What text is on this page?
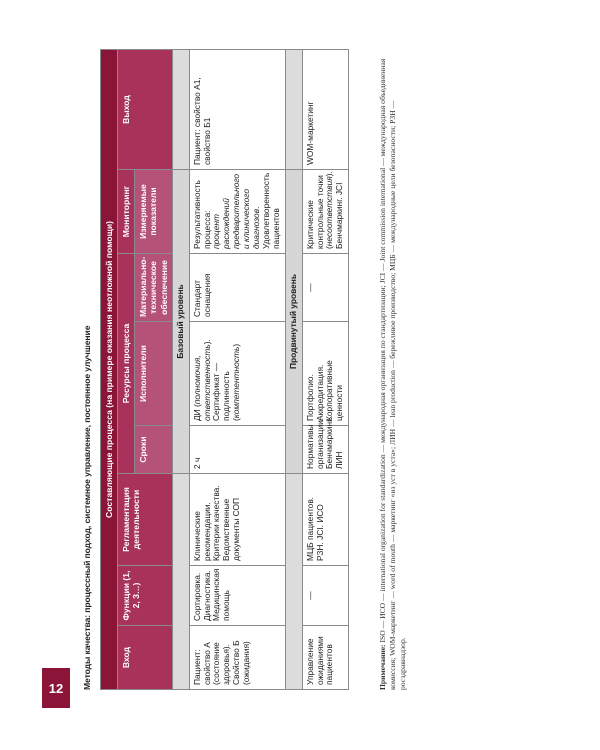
12	Методы качества: процессный подход, системное управление, постоянное улучшение	Составляющие процесса (на примере оказания неотложной помощи)							
Вход	Функции (1, 2, 3…)	Регламентация деятельности	Ресурсы процесса			Мониторинг	Выход
			Сроки	Исполнители	Материально-техническое обеспечение	Измеряемые показатели	
			Базовый уровень				
Пациент: свойство А (состояние здоровья). Свойство Б (ожидания)	Сортировка. Диагностика. Медицинская помощь	Клинические рекомендации. Критерии качества. Ведомственные документы СОП	2 ч	ДИ (полномочия, ответственность). Сертификат — подлинность (компетентность)	Стандарт оснащения	Результативность процесса: процент расхождений предварительного и клинического диагнозов. Удовлетворенность пациентов	Пациент: свойство А1, свойство Б1
			Продвинутый уровень				
Управление ожиданиями пациентов	—	МЦБ пациентов. РЗН. JCI. ИСО	Нормативы организации. Бенчмаркинг. ЛИН	Портфолио. Аккредитация. Корпоративные ценности	—	Критические контрольные точки (несоответствия). Бенчмаркинг. JCI	WOM-маркетинг
Примечание: ISO — ИСО — international organization for standardization — международная организация по стандартизации; JCI — Joint commission international — международная объединенная комиссия; WOM-маркетинг — word of mouth — маркетинг «из уст в уста»; ЛИН — lean production — бережливое производство; МЦБ — международные цели безопасности; РЗН — росздравнадзор.
